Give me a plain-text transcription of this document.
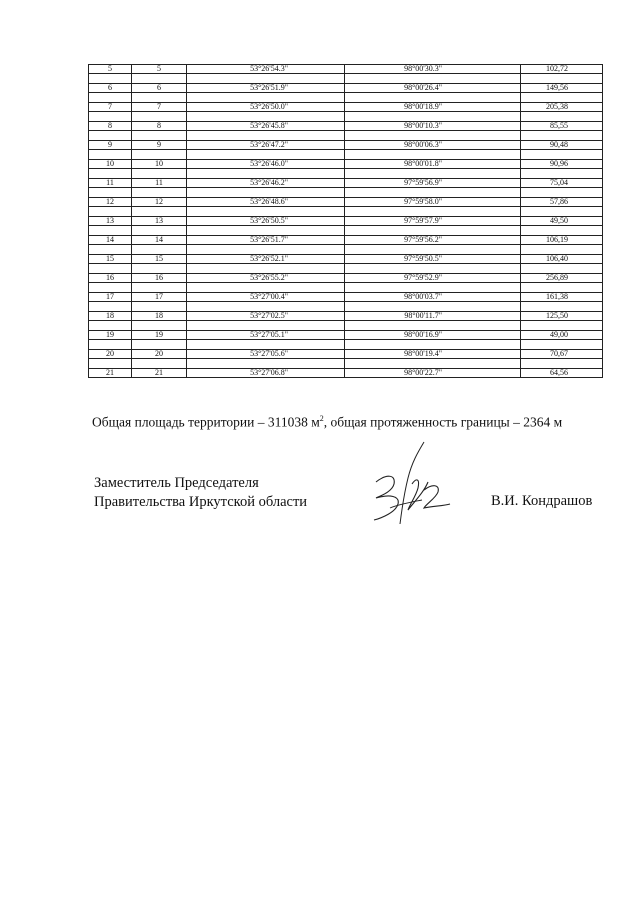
5	5	53°26'54.3"	98°00'30.3"	102,72

6	6	53°26'51.9"	98°00'26.4"	149,56

7	7	53°26'50.0"	98°00'18.9"	205,38

8	8	53°26'45.8"	98°00'10.3"	85,55

9	9	53°26'47.2"	98°00'06.3"	90,48

10	10	53°26'46.0"	98°00'01.8"	90,96

11	11	53°26'46.2"	97°59'56.9"	75,04

12	12	53°26'48.6"	97°59'58.0"	57,86

13	13	53°26'50.5"	97°59'57.9"	49,50

14	14	53°26'51.7"	97°59'56.2"	106,19

15	15	53°26'52.1"	97°59'50.5"	106,40

16	16	53°26'55.2"	97°59'52.9"	256,89

17	17	53°27'00.4"	98°00'03.7"	161,38

18	18	53°27'02.5"	98°00'11.7"	125,50

19	19	53°27'05.1"	98°00'16.9"	49,00

20	20	53°27'05.6"	98°00'19.4"	70,67

21	21	53°27'06.8"	98°00'22.7"	64,56
Общая площадь территории – 311038 $м^2$, общая протяженность границы – 2364 м
Заместитель Председателя
Правительства Иркутской области	В.И. Кондрашов
